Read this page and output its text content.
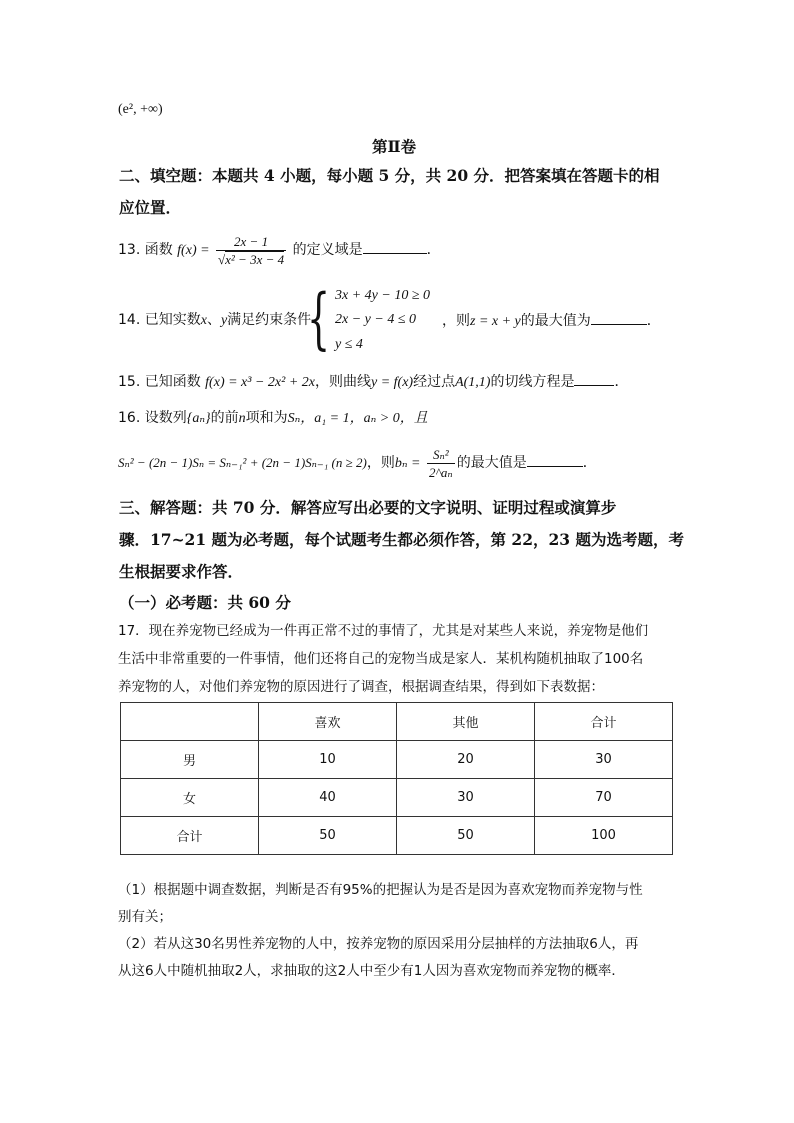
(e², +∞)
第Ⅱ卷
二、填空题：本题共 4 小题，每小题 5 分，共 20 分．把答案填在答题卡的相
应位置．
13. 函数 $f(x) = \frac{2x - 1}{\text{√x² − 3x − 4}}$ 的定义域是	．
14. 已知实数x、y满足约束条件
{ 3x + 4y − 10 ≥ 0
2x − y − 4 ≤ 0
y ≤ 4
，则z = x + y的最大值为	．
15. 已知函数 f(x) = x³ − 2x² + 2x，则曲线y = f(x)经过点A(1,1)的切线方程是	．
16. 设数列{aₙ}的前n项和为Sₙ，a₁ = 1，aₙ > 0，且
Sₙ² − (2n − 1)Sₙ = Sₙ₋₁² + (2n − 1)Sₙ₋₁ (n ≥ 2)，则$b_n = \frac{\text{Sₙ²}}{\text{2\textasciicircum{}aₙ}}$ 的最大值是	．
三、解答题：共 70 分．解答应写出必要的文字说明、证明过程或演算步
骤．17~21 题为必考题，每个试题考生都必须作答，第 22，23 题为选考题，考
生根据要求作答．
（一）必考题：共 60 分
17．现在养宠物已经成为一件再正常不过的事情了，尤其是对某些人来说，养宠物是他们
生活中非常重要的一件事情，他们还将自己的宠物当成是家人．某机构随机抽取了100名
养宠物的人，对他们养宠物的原因进行了调查，根据调查结果，得到如下表数据：
	喜欢	其他	合计
男	10	20	30
女	40	30	70
合计	50	50	100
（1）根据题中调查数据，判断是否有95%的把握认为是否是因为喜欢宠物而养宠物与性
别有关；
（2）若从这30名男性养宠物的人中，按养宠物的原因采用分层抽样的方法抽取6人，再
从这6人中随机抽取2人，求抽取的这2人中至少有1人因为喜欢宠物而养宠物的概率．
